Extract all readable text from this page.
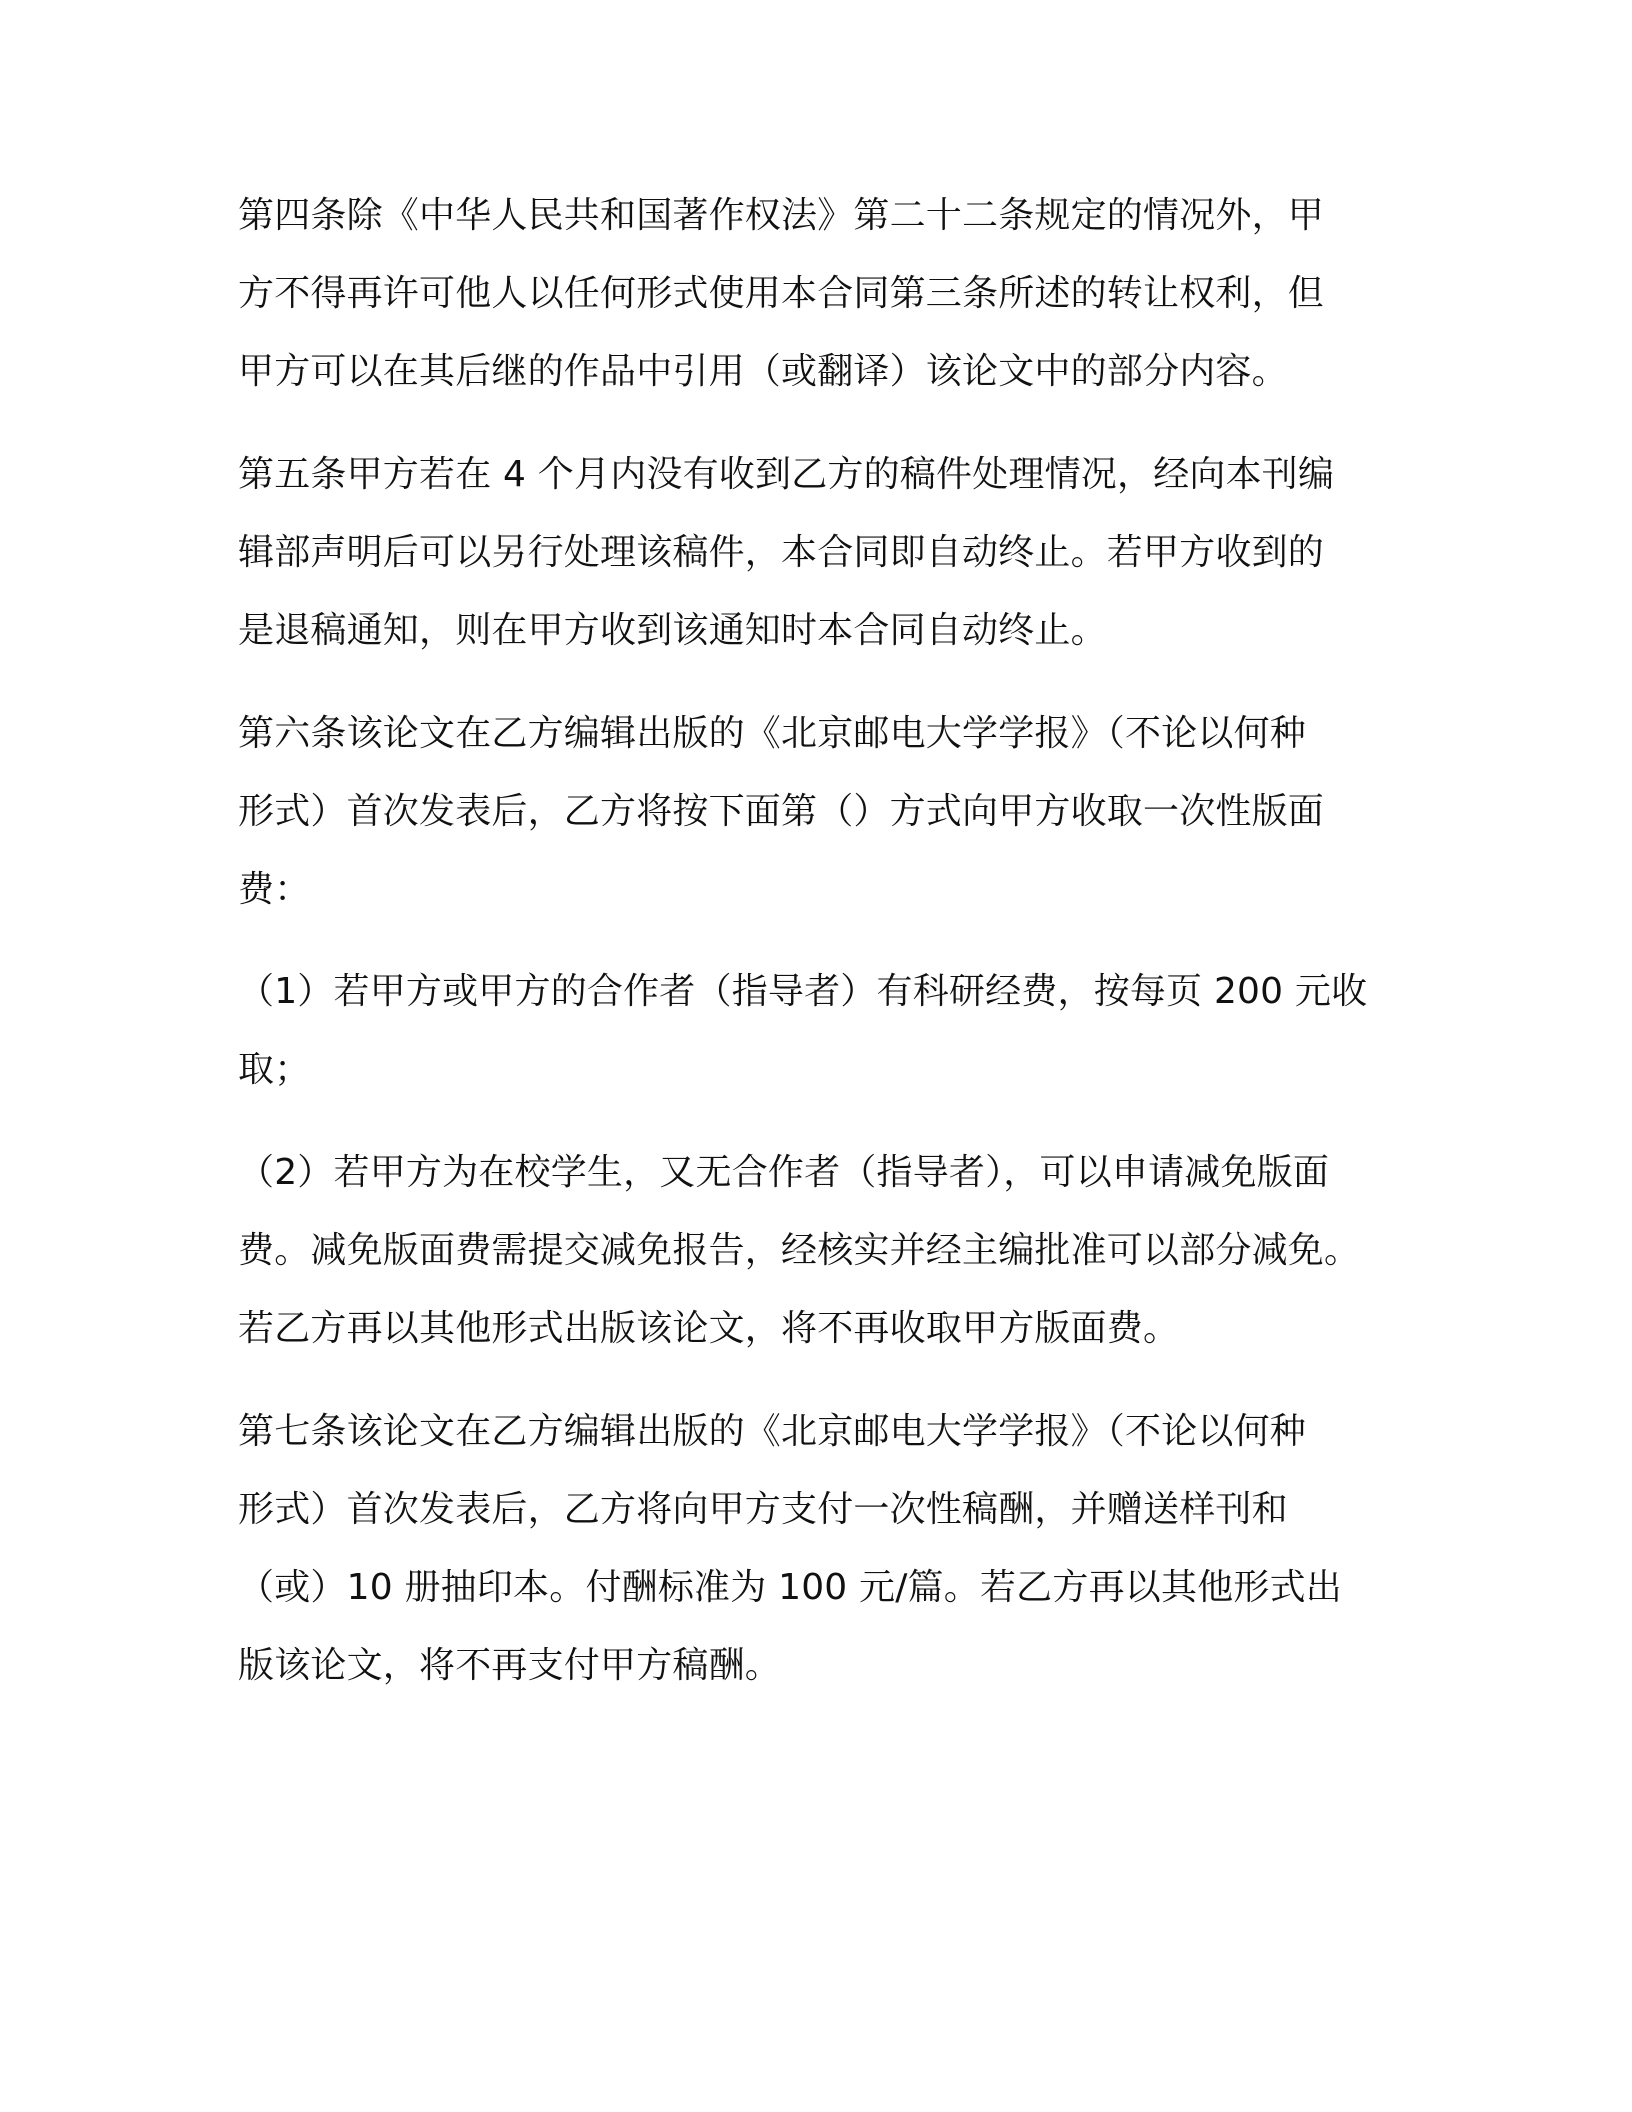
第四条除《中华人民共和国著作权法》第二十二条规定的情况外，甲
方不得再许可他人以任何形式使用本合同第三条所述的转让权利，但
甲方可以在其后继的作品中引用（或翻译）该论文中的部分内容。
第五条甲方若在 4 个月内没有收到乙方的稿件处理情况，经向本刊编
辑部声明后可以另行处理该稿件，本合同即自动终止。若甲方收到的
是退稿通知，则在甲方收到该通知时本合同自动终止。
第六条该论文在乙方编辑出版的《北京邮电大学学报》（不论以何种
形式）首次发表后，乙方将按下面第（）方式向甲方收取一次性版面
费：
（1）若甲方或甲方的合作者（指导者）有科研经费，按每页 200 元收
取；
（2）若甲方为在校学生，又无合作者（指导者），可以申请减免版面
费。减免版面费需提交减免报告，经核实并经主编批准可以部分减免。
若乙方再以其他形式出版该论文，将不再收取甲方版面费。
第七条该论文在乙方编辑出版的《北京邮电大学学报》（不论以何种
形式）首次发表后，乙方将向甲方支付一次性稿酬，并赠送样刊和
（或）10 册抽印本。付酬标准为 100 元/篇。若乙方再以其他形式出
版该论文，将不再支付甲方稿酬。
